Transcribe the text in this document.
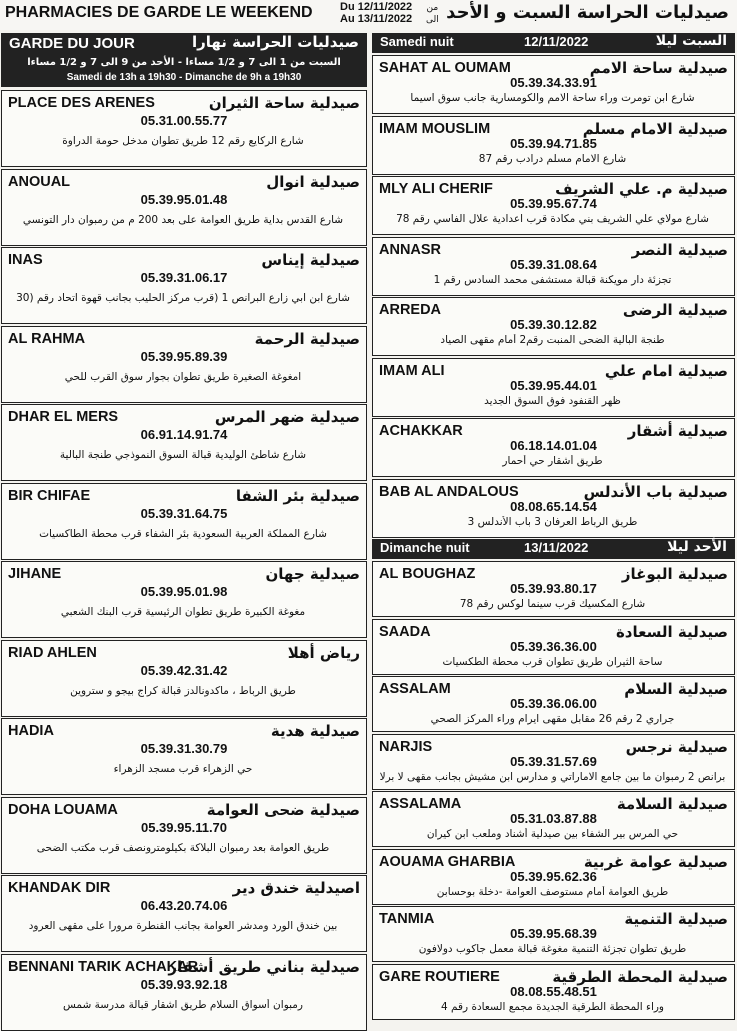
PHARMACIES DE GARDE LE WEEKEND Du 12/11/2022
Au 13/11/2022
من
الى صيدليات الحراسة السبت و الأحد
GARDE DU JOUR	صيدليات الحراسة نهارا
السبت من 1 الى 7 و 1/2 مساءا - الأحد من 9 الى 7 و 1/2 مساءا
Samedi de 13h a 19h30 - Dimanche de 9h a 19h30
PLACE DES ARENES	صيدلية ساحة الثيران
05.31.00.55.77
شارع الركايع رقم 12 طريق تطوان مدخل حومة الدراوة
ANOUAL	صيدلية انوال
05.39.95.01.48
شارع القدس بداية طريق العوامة على بعد 200 م من رمبوان دار التونسي
INAS	صيدلية إيناس
05.39.31.06.17
شارع ابن ابي زارع البرانص 1 (قرب مركز الحليب بجانب قهوة اتحاد رقم (30
AL RAHMA	صيدلية الرحمة
05.39.95.89.39
امغوغة الصغيرة طريق تطوان بجوار سوق القرب للحي
DHAR EL MERS	صيدلية ضهر المرس
06.91.14.91.74
شارع شاطئ الوليدية قبالة السوق النموذجي طنجة البالية
BIR CHIFAE	صيدلية بئر الشفا
05.39.31.64.75
شارع المملكة العربية السعودية بئر الشفاء قرب محطة الطاكسيات
JIHANE	صيدلية جهان
05.39.95.01.98
مغوغة الكبيرة طريق تطوان الرئيسية قرب البنك الشعبي
RIAD AHLEN	رياض أهلا
05.39.42.31.42
طريق الرباط ، ماكدونالدز قبالة كراج بيجو و ستروين
HADIA	صيدلية هدية
05.39.31.30.79
حي الزهراء قرب مسجد الزهراء
DOHA LOUAMA	صيدلية ضحى العوامة
05.39.95.11.70
طريق العوامة بعد رمبوان البلاكة بكيلومترونصف قرب مكتب الضحى
KHANDAK DIR	اصيدلية خندق دير
06.43.20.74.06
بين خندق الورد ومدشر العوامة بجانب القنطرة مرورا على مقهى العرود
BENNANI TARIK ACHAKAR
صيدلية بناني طريق أشقار
05.39.93.92.18
رمبوان أسواق السلام طريق اشقار قبالة مدرسة شمس
Samedi nuit	12/11/2022	السبت ليلا
SAHAT AL OUMAM	صيدلية ساحة الامم
05.39.34.33.91
شارع ابن تومرت وراء ساحة الامم والكومسارية جانب سوق اسيما
IMAM MOUSLIM	صيدلية الامام مسلم
05.39.94.71.85
شارع الامام مسلم درادب رقم 87
MLY ALI CHERIF	صيدلية م. علي الشريف
05.39.95.67.74
شارع مولاي علي الشريف بني مكادة قرب اعدادية علال الفاسي رقم 78
ANNASR	صيدلية النصر
05.39.31.08.64
تجزئة دار مويكنة قبالة مستشفى محمد السادس رقم 1
ARREDA	صيدلية الرضى
05.39.30.12.82
طنجة البالية الضحى المنبت رقم2 أمام مقهى الصياد
IMAM ALI	صيدلية امام علي
05.39.95.44.01
ظهر القنفود فوق السوق الجديد
ACHAKKAR	صيدلية أشقار
06.18.14.01.04
طريق أشقار حي أحمار
BAB AL ANDALOUS	صيدلية باب الأندلس
08.08.65.14.54
طريق الرباط العرفان 3 باب الأندلس 3
Dimanche nuit	13/11/2022	الأحد ليلا
AL BOUGHAZ	صيدلية البوغاز
05.39.93.80.17
شارع المكسيك قرب سينما لوكس رقم 78
SAADA	صيدلية السعادة
05.39.36.36.00
ساحة الثيران طريق تطوان قرب محطة الطكسيات
ASSALAM	صيدلية السلام
05.39.36.06.00
جراري 2 رقم 26 مقابل مقهى ايرام وراء المركز الصحي
NARJIS	صيدلية نرجس
05.39.31.57.69
برانص 2 رمبوان ما بين جامع الاماراتي و مدارس ابن مشيش بجانب مقهى لا برلا
ASSALAMA	صيدلية السلامة
05.31.03.87.88
حي المرس بير الشفاء بين صيدلية أشناد وملعب ابن كيران
AOUAMA GHARBIA	صيدلية عوامة غربية
05.39.95.62.36
طريق العوامة أمام مستوصف العوامة -دخلة بوحسابن
TANMIA	صيدلية التنمية
05.39.95.68.39
طريق تطوان تجزئة التنمية مغوغة قبالة معمل جاكوب دولافون
GARE ROUTIERE	صيدلية المحطة الطرقية
08.08.55.48.51
وراء المحطة الطرقية الجديدة مجمع السعادة رقم 4
